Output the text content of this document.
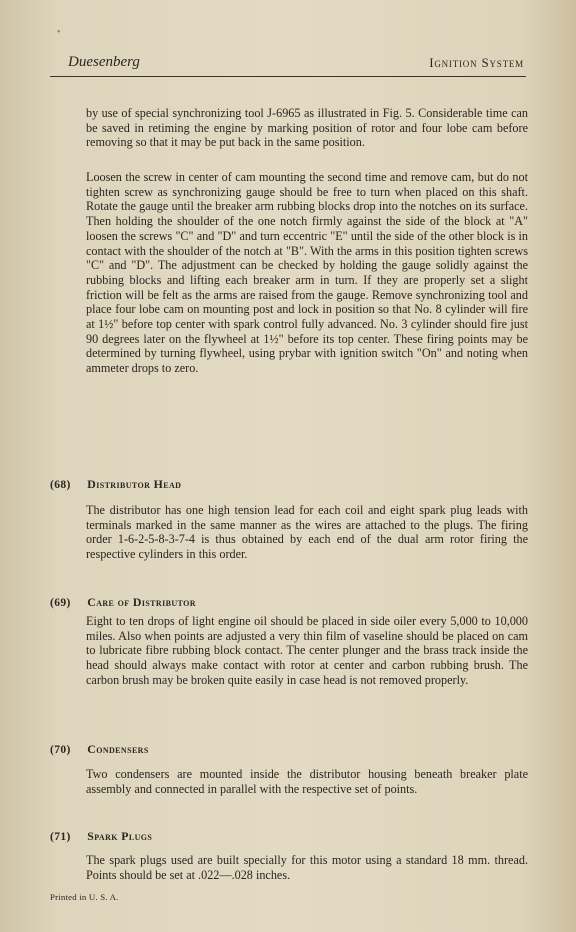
•
Duesenberg	Ignition System

by use of special synchronizing tool J-6965 as illustrated in Fig. 5. Considerable time can be saved in retiming the engine by marking position of rotor and four lobe cam before removing so that it may be put back in the same position.

Loosen the screw in center of cam mounting the second time and remove cam, but do not tighten screw as synchronizing gauge should be free to turn when placed on this shaft. Rotate the gauge until the breaker arm rubbing blocks drop into the notches on its surface. Then holding the shoulder of the one notch firmly against the side of the block at "A" loosen the screws "C" and "D" and turn eccentric "E" until the side of the other block is in contact with the shoulder of the notch at "B". With the arms in this position tighten screws "C" and "D". The adjustment can be checked by holding the gauge solidly against the rubbing blocks and lifting each breaker arm in turn. If they are properly set a slight friction will be felt as the arms are raised from the gauge. Remove synchronizing tool and place four lobe cam on mounting post and lock in position so that No. 8 cylinder will fire at 1½" before top center with spark control fully advanced. No. 3 cylinder should fire just 90 degrees later on the flywheel at 1½" before its top center. These firing points may be determined by turning flywheel, using prybar with ignition switch "On" and noting when ammeter drops to zero.

(68) Distributor Head

The distributor has one high tension lead for each coil and eight spark plug leads with terminals marked in the same manner as the wires are attached to the plugs. The firing order 1-6-2-5-8-3-7-4 is thus obtained by each end of the dual arm rotor firing the respective cylinders in this order.

(69) Care of Distributor

Eight to ten drops of light engine oil should be placed in side oiler every 5,000 to 10,000 miles. Also when points are adjusted a very thin film of vaseline should be placed on cam to lubricate fibre rubbing block contact. The center plunger and the brass track inside the head should always make contact with rotor at center and carbon rubbing brush. The carbon brush may be broken quite easily in case head is not removed properly.

(70) Condensers

Two condensers are mounted inside the distributor housing beneath breaker plate assembly and connected in parallel with the respective set of points.

(71) Spark Plugs

The spark plugs used are built specially for this motor using a standard 18 mm. thread. Points should be set at .022—.028 inches.

Printed in U. S. A.
